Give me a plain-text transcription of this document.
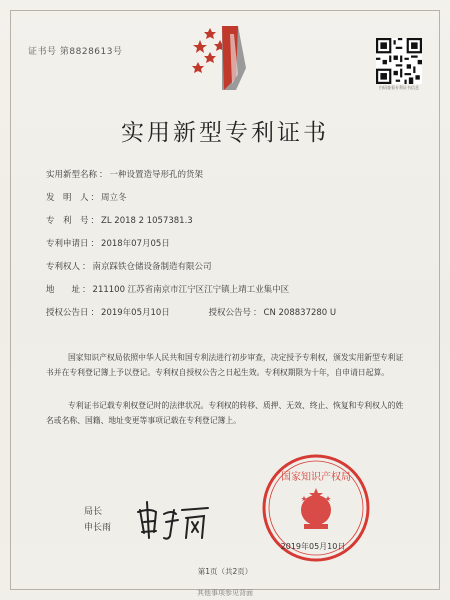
证书号 第8828613号
扫码查看专利证书信息
实用新型专利证书
实用新型名称 ： 一种设置造导形孔的货架
发　明　人 ： 周立冬
专　利　号 ： ZL 2018 2 1057381.3
专利申请日 ： 2018年07月05日
专利权人 ： 南京踩铁仓储设备制造有限公司
地　　址 ： 211100 江苏省南京市江宁区江宁镇上靖工业集中区
授权公告日 ： 2019年05月10日	授权公告号 ： CN 208837280 U
国家知识产权局依照中华人民共和国专利法进行初步审查，决定授予专利权，颁发实用新型专利证书并在专利登记簿上予以登记。专利权自授权公告之日起生效。专利权期限为十年，自申请日起算。
专利证书记载专利权登记时的法律状况。专利权的转移、质押、无效、终止、恢复和专利权人的姓名或名称、国籍、地址变更等事项记载在专利登记簿上。
国家知识产权局
局长
申长雨
2019年05月10日
第1页（共2页）
其他事项参见背面
